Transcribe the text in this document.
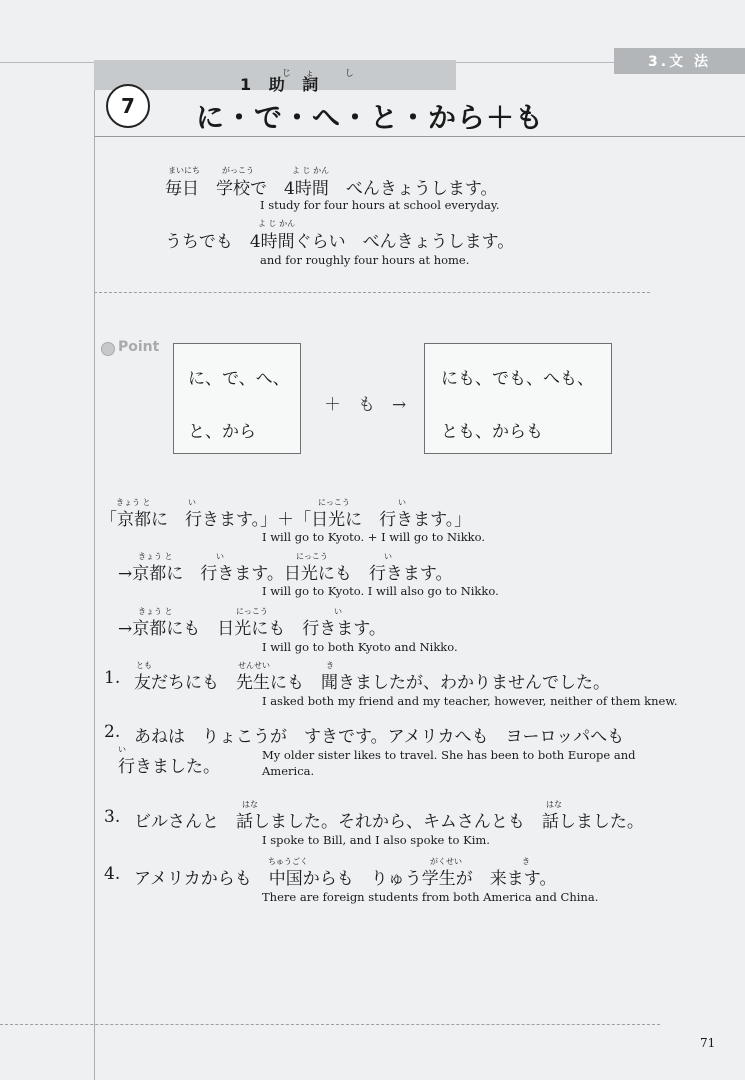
3.文 法
7
じょ し
1 助 詞
に・で・へ・と・から＋も
まいにち	がっこう	よ じ かん
毎日　学校で　4時間　べんきょうします。
I study for four hours at school everyday.
よ じ かん
うちでも　4時間ぐらい　べんきょうします。
and for roughly four hours at home.
Point
に、で、へ、
と、から
＋　も　→
にも、でも、へも、
とも、からも
きょう と	い	にっこう	い
「京都に　行きます。」＋「日光に　行きます。」
I will go to Kyoto. + I will go to Nikko.
きょう と	い	にっこう	い
→京都に　行きます。日光にも　行きます。
I will go to Kyoto. I will also go to Nikko.
きょう と	にっこう	い
→京都にも　日光にも　行きます。
I will go to both Kyoto and Nikko.
とも	せんせい	き
1. 友だちにも　先生にも　聞きましたが、わかりませんでした。
I asked both my friend and my teacher, however, neither of them knew.
2. あねは　りょこうが　すきです。アメリカへも　ヨーロッパへも
い
行きました。
My older sister likes to travel. She has been to both Europe and
America.
はな	はな
3. ビルさんと　話しました。それから、キムさんとも　話しました。
I spoke to Bill, and I also spoke to Kim.
ちゅうごく	がくせい	き
4. アメリカからも　中国からも　りゅう学生が　来ます。
There are foreign students from both America and China.
71
